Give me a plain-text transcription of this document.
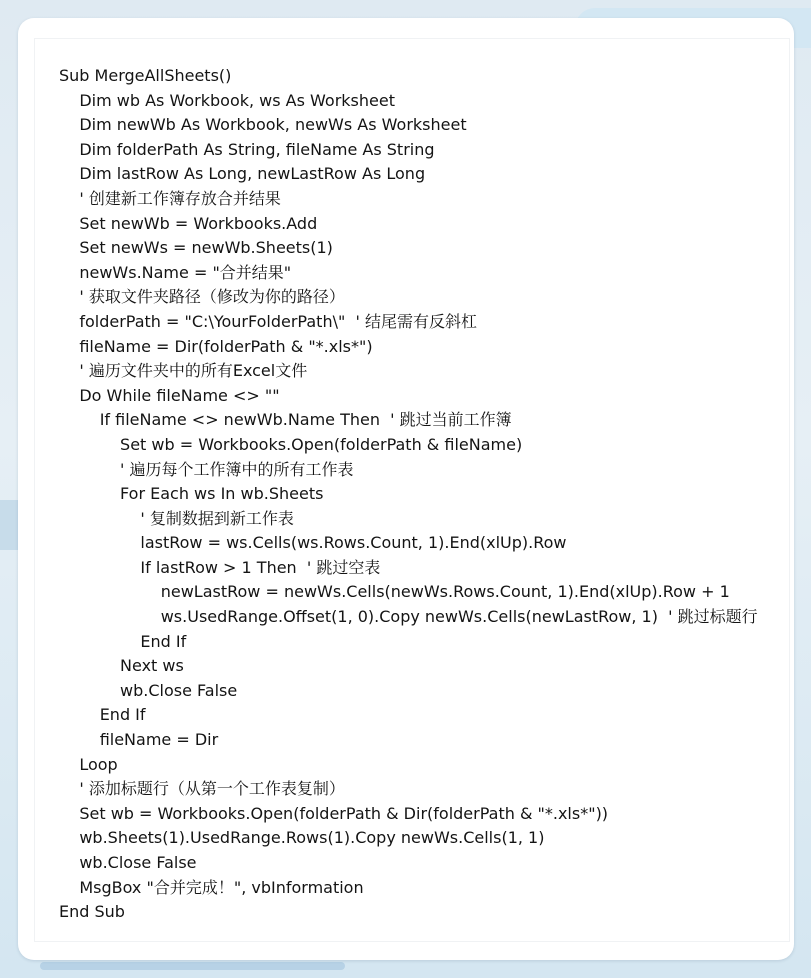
Sub MergeAllSheets()
Dim wb As Workbook, ws As Worksheet
Dim newWb As Workbook, newWs As Worksheet
Dim folderPath As String, fileName As String
Dim lastRow As Long, newLastRow As Long
' 创建新工作簿存放合并结果
Set newWb = Workbooks.Add
Set newWs = newWb.Sheets(1)
newWs.Name = "合并结果"
' 获取文件夹路径（修改为你的路径）
folderPath = "C:\YourFolderPath\"  ' 结尾需有反斜杠
fileName = Dir(folderPath & "*.xls*")
' 遍历文件夹中的所有Excel文件
Do While fileName <> ""
If fileName <> newWb.Name Then  ' 跳过当前工作簿
Set wb = Workbooks.Open(folderPath & fileName)
' 遍历每个工作簿中的所有工作表
For Each ws In wb.Sheets
' 复制数据到新工作表
lastRow = ws.Cells(ws.Rows.Count, 1).End(xlUp).Row
If lastRow > 1 Then  ' 跳过空表
newLastRow = newWs.Cells(newWs.Rows.Count, 1).End(xlUp).Row + 1
ws.UsedRange.Offset(1, 0).Copy newWs.Cells(newLastRow, 1)  ' 跳过标题行
End If
Next ws
wb.Close False
End If
fileName = Dir
Loop
' 添加标题行（从第一个工作表复制）
Set wb = Workbooks.Open(folderPath & Dir(folderPath & "*.xls*"))
wb.Sheets(1).UsedRange.Rows(1).Copy newWs.Cells(1, 1)
wb.Close False
MsgBox "合并完成！", vbInformation
End Sub
